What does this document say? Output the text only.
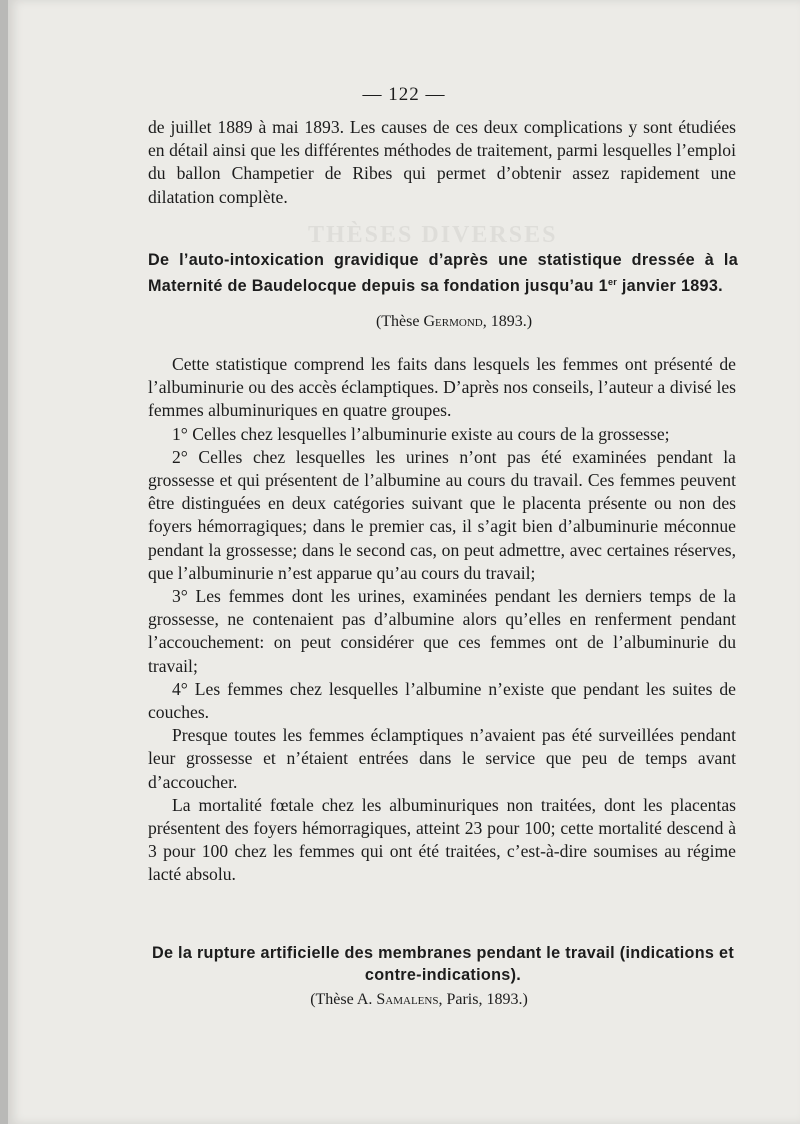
THÈSES DIVERSES
— 122 —

de juillet 1889 à mai 1893. Les causes de ces deux complications y sont étudiées en détail ainsi que les différentes méthodes de traitement, parmi lesquelles l’emploi du ballon Champetier de Ribes qui permet d’obtenir assez rapidement une dilatation complète.

De l’auto-intoxication gravidique d’après une statistique dressée à la Maternité de Baudelocque depuis sa fondation jusqu’au 1er janvier 1893.
(Thèse Germond, 1893.)

Cette statistique comprend les faits dans lesquels les femmes ont présenté de l’albuminurie ou des accès éclamptiques. D’après nos conseils, l’auteur a divisé les femmes albuminuriques en quatre groupes.

1° Celles chez lesquelles l’albuminurie existe au cours de la grossesse;

2° Celles chez lesquelles les urines n’ont pas été examinées pendant la grossesse et qui présentent de l’albumine au cours du travail. Ces femmes peuvent être distinguées en deux catégories suivant que le placenta présente ou non des foyers hémorragiques; dans le premier cas, il s’agit bien d’albuminurie méconnue pendant la grossesse; dans le second cas, on peut admettre, avec certaines réserves, que l’albuminurie n’est apparue qu’au cours du travail;

3° Les femmes dont les urines, examinées pendant les derniers temps de la grossesse, ne contenaient pas d’albumine alors qu’elles en renferment pendant l’accouchement: on peut considérer que ces femmes ont de l’albuminurie du travail;

4° Les femmes chez lesquelles l’albumine n’existe que pendant les suites de couches.

Presque toutes les femmes éclamptiques n’avaient pas été surveillées pendant leur grossesse et n’étaient entrées dans le service que peu de temps avant d’accoucher.

La mortalité fœtale chez les albuminuriques non traitées, dont les placentas présentent des foyers hémorragiques, atteint 23 pour 100; cette mortalité descend à 3 pour 100 chez les femmes qui ont été traitées, c’est-à-dire soumises au régime lacté absolu.

De la rupture artificielle des membranes pendant le travail (indications et contre-indications).
(Thèse A. Samalens, Paris, 1893.)
